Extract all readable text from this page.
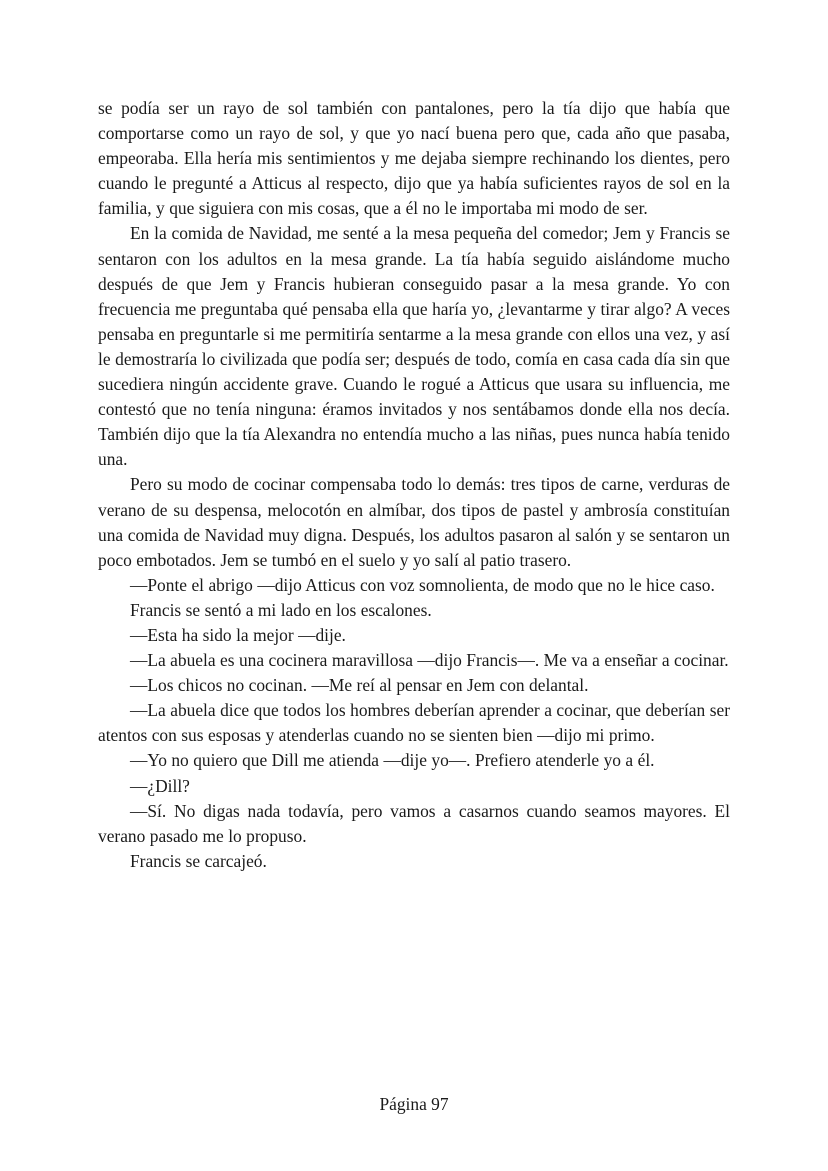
se podía ser un rayo de sol también con pantalones, pero la tía dijo que había que comportarse como un rayo de sol, y que yo nací buena pero que, cada año que pasaba, empeoraba. Ella hería mis sentimientos y me dejaba siempre rechinando los dientes, pero cuando le pregunté a Atticus al respecto, dijo que ya había suficientes rayos de sol en la familia, y que siguiera con mis cosas, que a él no le importaba mi modo de ser.

En la comida de Navidad, me senté a la mesa pequeña del comedor; Jem y Francis se sentaron con los adultos en la mesa grande. La tía había seguido aislándome mucho después de que Jem y Francis hubieran conseguido pasar a la mesa grande. Yo con frecuencia me preguntaba qué pensaba ella que haría yo, ¿levantarme y tirar algo? A veces pensaba en preguntarle si me permitiría sentarme a la mesa grande con ellos una vez, y así le demostraría lo civilizada que podía ser; después de todo, comía en casa cada día sin que sucediera ningún accidente grave. Cuando le rogué a Atticus que usara su influencia, me contestó que no tenía ninguna: éramos invitados y nos sentábamos donde ella nos decía. También dijo que la tía Alexandra no entendía mucho a las niñas, pues nunca había tenido una.

Pero su modo de cocinar compensaba todo lo demás: tres tipos de carne, verduras de verano de su despensa, melocotón en almíbar, dos tipos de pastel y ambrosía constituían una comida de Navidad muy digna. Después, los adultos pasaron al salón y se sentaron un poco embotados. Jem se tumbó en el suelo y yo salí al patio trasero.

—Ponte el abrigo —dijo Atticus con voz somnolienta, de modo que no le hice caso.

Francis se sentó a mi lado en los escalones.

—Esta ha sido la mejor —dije.

—La abuela es una cocinera maravillosa —dijo Francis—. Me va a enseñar a cocinar.

—Los chicos no cocinan. —Me reí al pensar en Jem con delantal.

—La abuela dice que todos los hombres deberían aprender a cocinar, que deberían ser atentos con sus esposas y atenderlas cuando no se sienten bien —dijo mi primo.

—Yo no quiero que Dill me atienda —dije yo—. Prefiero atenderle yo a él.

—¿Dill?

—Sí. No digas nada todavía, pero vamos a casarnos cuando seamos mayores. El verano pasado me lo propuso.

Francis se carcajeó.

Página 97
